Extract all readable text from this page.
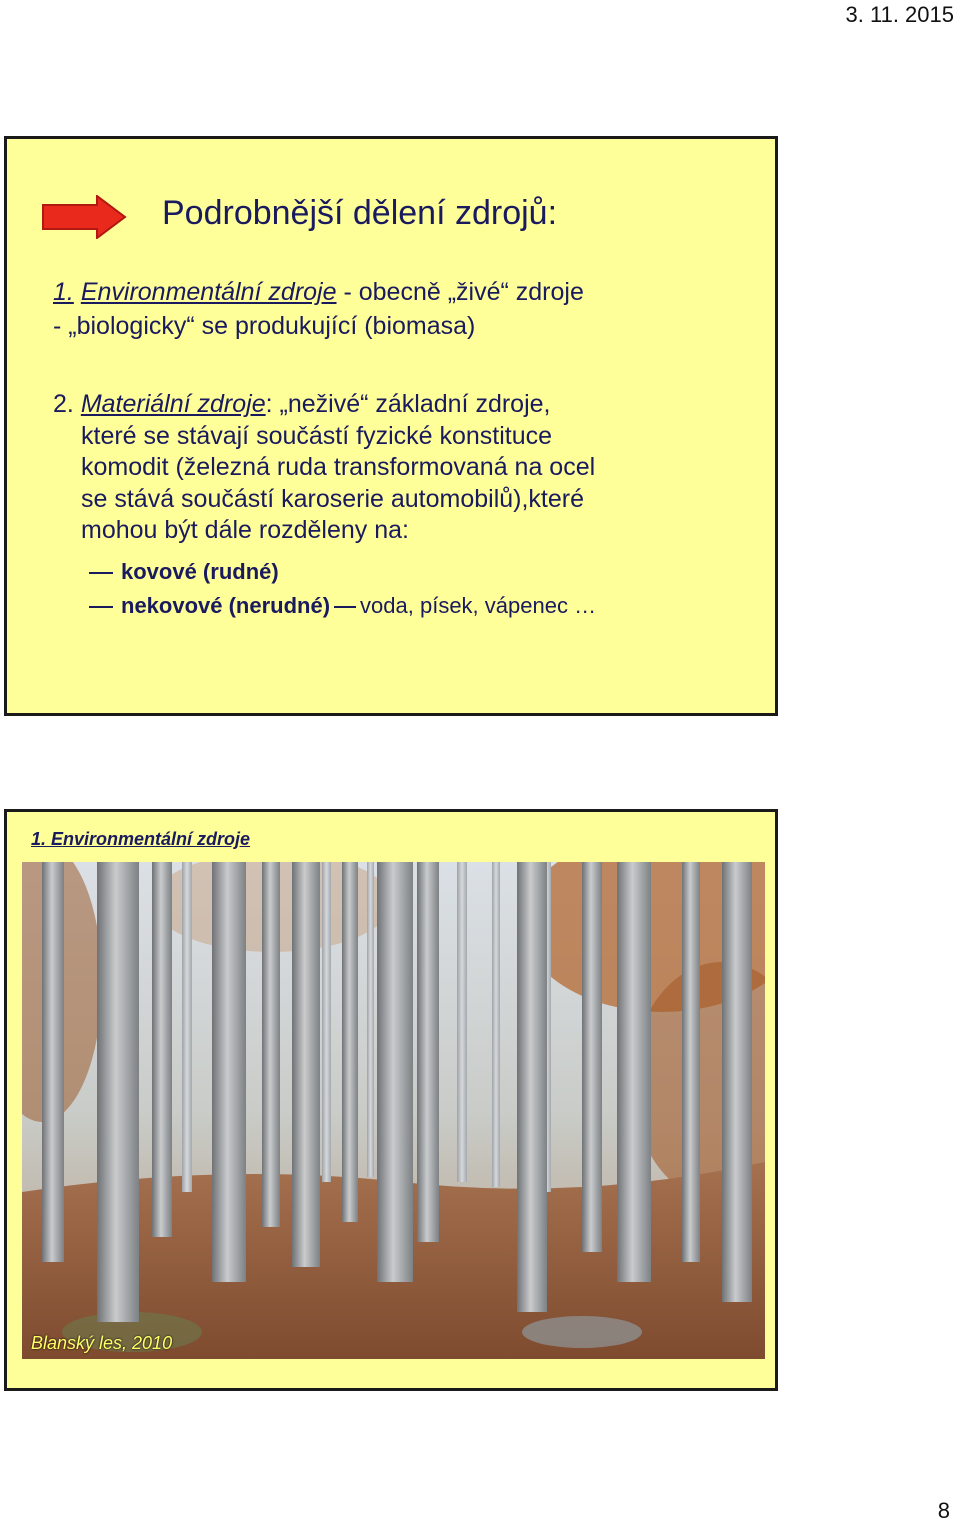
3. 11. 2015
Podrobnější dělení zdrojů:
1. Environmentální zdroje - obecně „živé“ zdroje
- „biologicky“ se produkující (biomasa)
2. Materiální zdroje: „neživé“ základní zdroje,
které se stávají součástí fyzické konstituce
komodit (železná ruda transformovaná na ocel
se stává součástí karoserie automobilů),které
mohou být dále rozděleny na:
kovové (rudné)
nekovové (nerudné) voda, písek, vápenec …
1. Environmentální zdroje
Blanský les, 2010
8
